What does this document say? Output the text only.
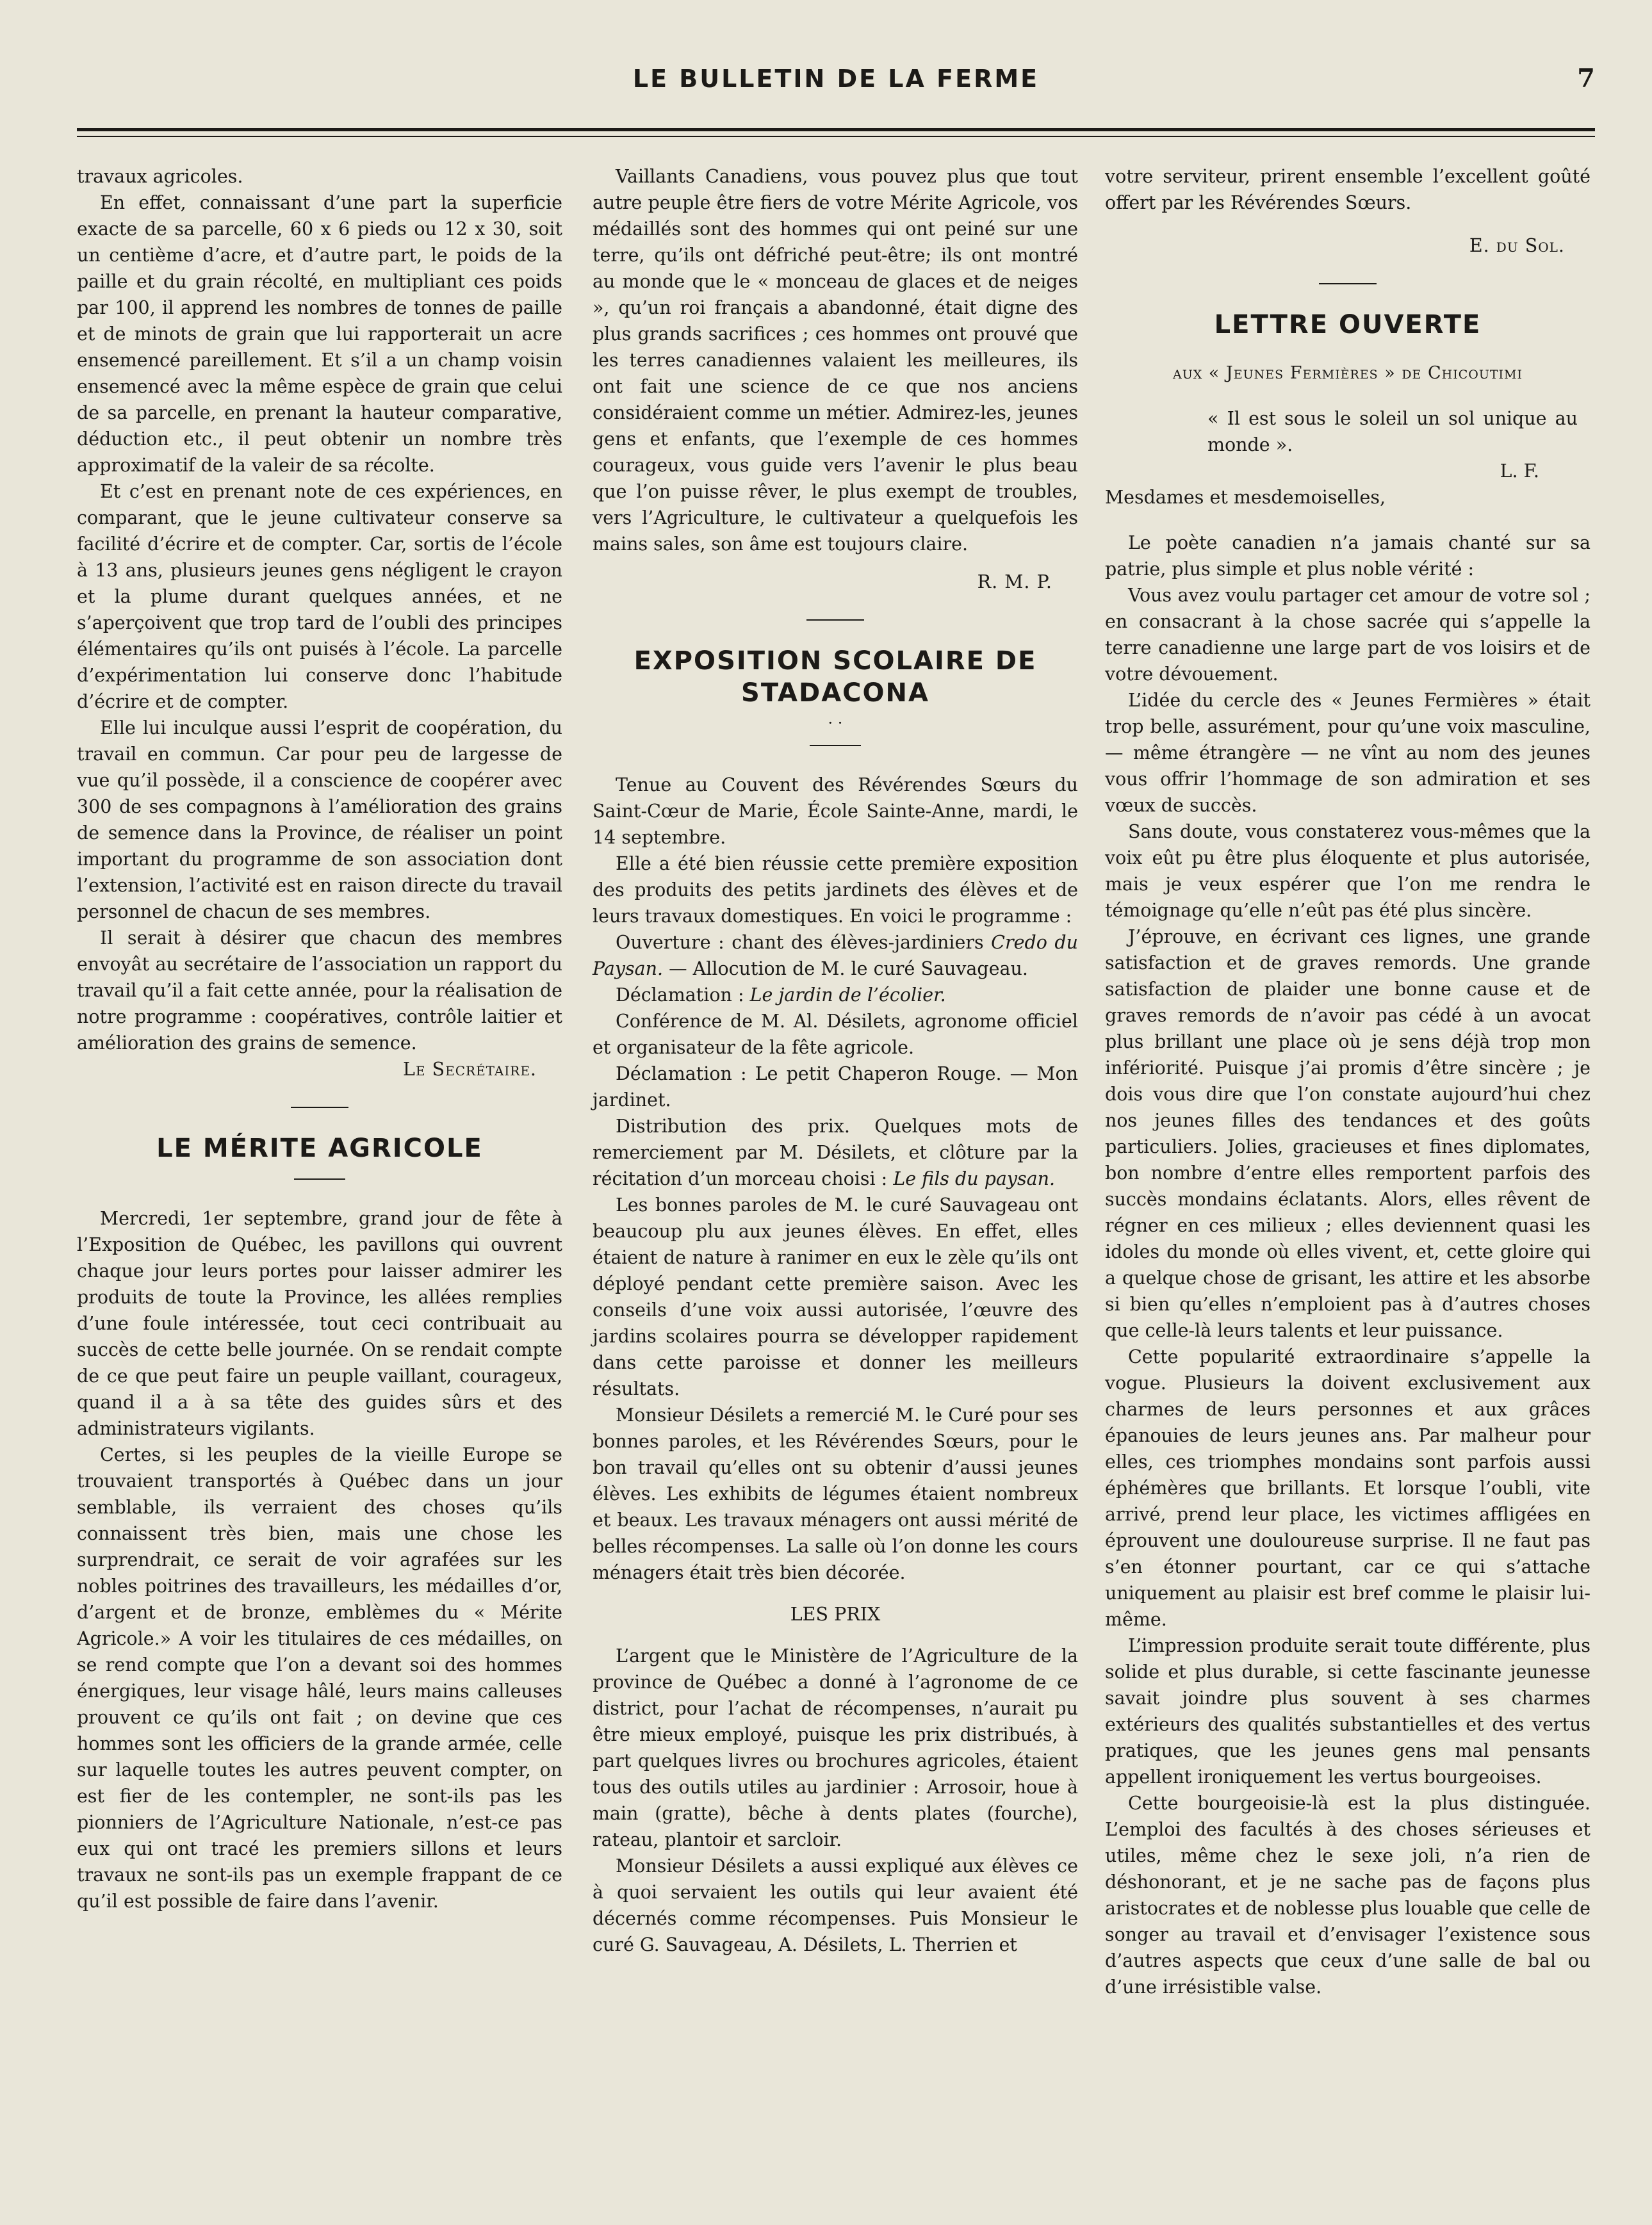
LE BULLETIN DE LA FERME	7

travaux agricoles.

En effet, connaissant d’une part la superficie exacte de sa parcelle, 60 x 6 pieds ou 12 x 30, soit un centième d’acre, et d’autre part, le poids de la paille et du grain récolté, en multipliant ces poids par 100, il apprend les nombres de tonnes de paille et de minots de grain que lui rapporterait un acre ensemencé pareillement. Et s’il a un champ voisin ensemencé avec la même espèce de grain que celui de sa parcelle, en prenant la hauteur comparative, déduction etc., il peut obtenir un nombre très approximatif de la valeir de sa récolte.

Et c’est en prenant note de ces expériences, en comparant, que le jeune cultivateur conserve sa facilité d’écrire et de compter. Car, sortis de l’école à 13 ans, plusieurs jeunes gens négligent le crayon et la plume durant quelques années, et ne s’aperçoivent que trop tard de l’oubli des principes élémentaires qu’ils ont puisés à l’école. La parcelle d’expérimentation lui conserve donc l’habitude d’écrire et de compter.

Elle lui inculque aussi l’esprit de coopération, du travail en commun. Car pour peu de largesse de vue qu’il possède, il a conscience de coopérer avec 300 de ses compagnons à l’amélioration des grains de semence dans la Province, de réaliser un point important du programme de son association dont l’extension, l’activité est en raison directe du travail personnel de chacun de ses membres.

Il serait à désirer que chacun des membres envoyât au secrétaire de l’association un rapport du travail qu’il a fait cette année, pour la réalisation de notre programme : coopératives, contrôle laitier et amélioration des grains de semence.

Le Secrétaire.

LE MÉRITE AGRICOLE

Mercredi, 1er septembre, grand jour de fête à l’Exposition de Québec, les pavillons qui ouvrent chaque jour leurs portes pour laisser admirer les produits de toute la Province, les allées remplies d’une foule intéressée, tout ceci contribuait au succès de cette belle journée. On se rendait compte de ce que peut faire un peuple vaillant, courageux, quand il a à sa tête des guides sûrs et des administrateurs vigilants.

Certes, si les peuples de la vieille Europe se trouvaient transportés à Québec dans un jour semblable, ils verraient des choses qu’ils connaissent très bien, mais une chose les surprendrait, ce serait de voir agrafées sur les nobles poitrines des travailleurs, les médailles d’or, d’argent et de bronze, emblèmes du « Mérite Agricole.» A voir les titulaires de ces médailles, on se rend compte que l’on a devant soi des hommes énergiques, leur visage hâlé, leurs mains calleuses prouvent ce qu’ils ont fait ; on devine que ces hommes sont les officiers de la grande armée, celle sur laquelle toutes les autres peuvent compter, on est fier de les contempler, ne sont-ils pas les pionniers de l’Agriculture Nationale, n’est-ce pas eux qui ont tracé les premiers sillons et leurs travaux ne sont-ils pas un exemple frappant de ce qu’il est possible de faire dans l’avenir.

Vaillants Canadiens, vous pouvez plus que tout autre peuple être fiers de votre Mérite Agricole, vos médaillés sont des hommes qui ont peiné sur une terre, qu’ils ont défriché peut-être; ils ont montré au monde que le « monceau de glaces et de neiges », qu’un roi français a abandonné, était digne des plus grands sacrifices ; ces hommes ont prouvé que les terres canadiennes valaient les meilleures, ils ont fait une science de ce que nos anciens considéraient comme un métier. Admirez-les, jeunes gens et enfants, que l’exemple de ces hommes courageux, vous guide vers l’avenir le plus beau que l’on puisse rêver, le plus exempt de troubles, vers l’Agriculture, le cultivateur a quelquefois les mains sales, son âme est toujours claire.

R. M. P.

EXPOSITION SCOLAIRE DE STADACONA
· ·

Tenue au Couvent des Révérendes Sœurs du Saint-Cœur de Marie, École Sainte-Anne, mardi, le 14 septembre.

Elle a été bien réussie cette première exposition des produits des petits jardinets des élèves et de leurs travaux domestiques. En voici le programme :

Ouverture : chant des élèves-jardiniers Credo du Paysan. — Allocution de M. le curé Sauvageau.

Déclamation : Le jardin de l’écolier.

Conférence de M. Al. Désilets, agronome officiel et organisateur de la fête agricole.

Déclamation : Le petit Chaperon Rouge. — Mon jardinet.

Distribution des prix. Quelques mots de remerciement par M. Désilets, et clôture par la récitation d’un morceau choisi : Le fils du paysan.

Les bonnes paroles de M. le curé Sauvageau ont beaucoup plu aux jeunes élèves. En effet, elles étaient de nature à ranimer en eux le zèle qu’ils ont déployé pendant cette première saison. Avec les conseils d’une voix aussi autorisée, l’œuvre des jardins scolaires pourra se développer rapidement dans cette paroisse et donner les meilleurs résultats.

Monsieur Désilets a remercié M. le Curé pour ses bonnes paroles, et les Révérendes Sœurs, pour le bon travail qu’elles ont su obtenir d’aussi jeunes élèves. Les exhibits de légumes étaient nombreux et beaux. Les travaux ménagers ont aussi mérité de belles récompenses. La salle où l’on donne les cours ménagers était très bien décorée.

LES PRIX

L’argent que le Ministère de l’Agriculture de la province de Québec a donné à l’agronome de ce district, pour l’achat de récompenses, n’aurait pu être mieux employé, puisque les prix distribués, à part quelques livres ou brochures agricoles, étaient tous des outils utiles au jardinier : Arrosoir, houe à main (gratte), bêche à dents plates (fourche), rateau, plantoir et sarcloir.

Monsieur Désilets a aussi expliqué aux élèves ce à quoi servaient les outils qui leur avaient été décernés comme récompenses. Puis Monsieur le curé G. Sauvageau, A. Désilets, L. Therrien et

votre serviteur, prirent ensemble l’excellent goûté offert par les Révérendes Sœurs.

E. du Sol.

LETTRE OUVERTE
aux « Jeunes Fermières » de Chicoutimi

« Il est sous le soleil un sol unique au monde ».

L. F.

Mesdames et mesdemoiselles,

Le poète canadien n’a jamais chanté sur sa patrie, plus simple et plus noble vérité :

Vous avez voulu partager cet amour de votre sol ; en consacrant à la chose sacrée qui s’appelle la terre canadienne une large part de vos loisirs et de votre dévouement.

L’idée du cercle des « Jeunes Fermières » était trop belle, assurément, pour qu’une voix masculine, — même étrangère — ne vînt au nom des jeunes vous offrir l’hommage de son admiration et ses vœux de succès.

Sans doute, vous constaterez vous-mêmes que la voix eût pu être plus éloquente et plus autorisée, mais je veux espérer que l’on me rendra le témoignage qu’elle n’eût pas été plus sincère.

J’éprouve, en écrivant ces lignes, une grande satisfaction et de graves remords. Une grande satisfaction de plaider une bonne cause et de graves remords de n’avoir pas cédé à un avocat plus brillant une place où je sens déjà trop mon infériorité. Puisque j’ai promis d’être sincère ; je dois vous dire que l’on constate aujourd’hui chez nos jeunes filles des tendances et des goûts particuliers. Jolies, gracieuses et fines diplomates, bon nombre d’entre elles remportent parfois des succès mondains éclatants. Alors, elles rêvent de régner en ces milieux ; elles deviennent quasi les idoles du monde où elles vivent, et, cette gloire qui a quelque chose de grisant, les attire et les absorbe si bien qu’elles n’emploient pas à d’autres choses que celle-là leurs talents et leur puissance.

Cette popularité extraordinaire s’appelle la vogue. Plusieurs la doivent exclusivement aux charmes de leurs personnes et aux grâces épanouies de leurs jeunes ans. Par malheur pour elles, ces triomphes mondains sont parfois aussi éphémères que brillants. Et lorsque l’oubli, vite arrivé, prend leur place, les victimes affligées en éprouvent une douloureuse surprise. Il ne faut pas s’en étonner pourtant, car ce qui s’attache uniquement au plaisir est bref comme le plaisir lui-même.

L’impression produite serait toute différente, plus solide et plus durable, si cette fascinante jeunesse savait joindre plus souvent à ses charmes extérieurs des qualités substantielles et des vertus pratiques, que les jeunes gens mal pensants appellent ironiquement les vertus bourgeoises.

Cette bourgeoisie-là est la plus distinguée. L’emploi des facultés à des choses sérieuses et utiles, même chez le sexe joli, n’a rien de déshonorant, et je ne sache pas de façons plus aristocrates et de noblesse plus louable que celle de songer au travail et d’envisager l’existence sous d’autres aspects que ceux d’une salle de bal ou d’une irrésistible valse.
